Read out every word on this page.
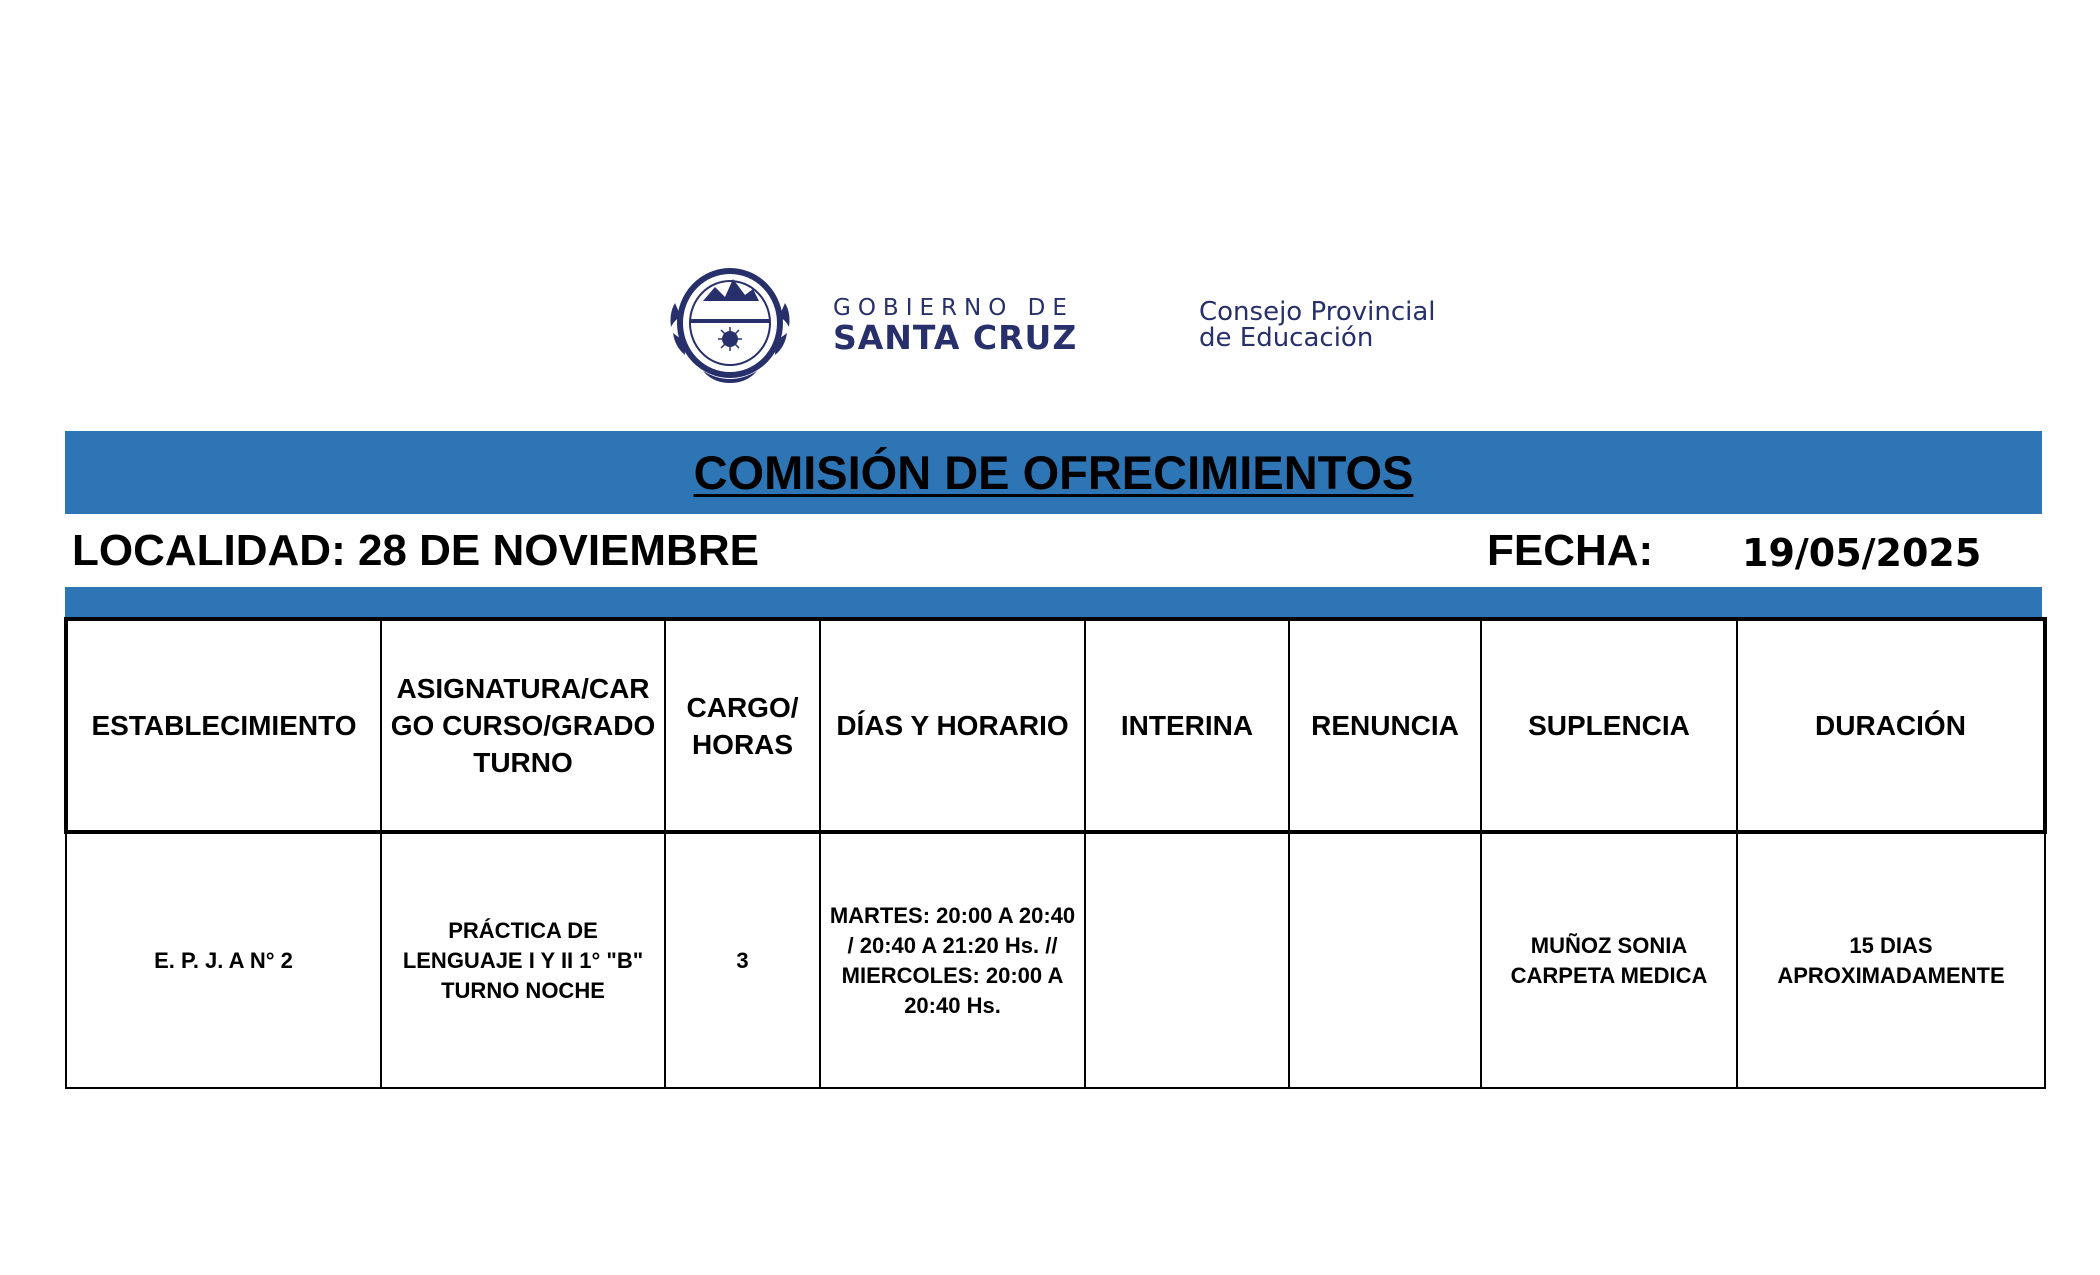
GOBIERNO DE
SANTA CRUZ
Consejo Provincial
de Educación
COMISIÓN DE OFRECIMIENTOS
LOCALIDAD: 28 DE NOVIEMBRE	FECHA: 19/05/2025
ESTABLECIMIENTO	ASIGNATURA/CAR GO CURSO/GRADO TURNO	CARGO/ HORAS	DÍAS Y HORARIO	INTERINA	RENUNCIA	SUPLENCIA	DURACIÓN
E. P. J. A N° 2	PRÁCTICA DE LENGUAJE I Y II 1° "B" TURNO NOCHE	3	MARTES: 20:00 A 20:40 / 20:40 A 21:20 Hs. // MIERCOLES: 20:00 A 20:40 Hs.			MUÑOZ SONIA CARPETA MEDICA	15 DIAS APROXIMADAMENTE
